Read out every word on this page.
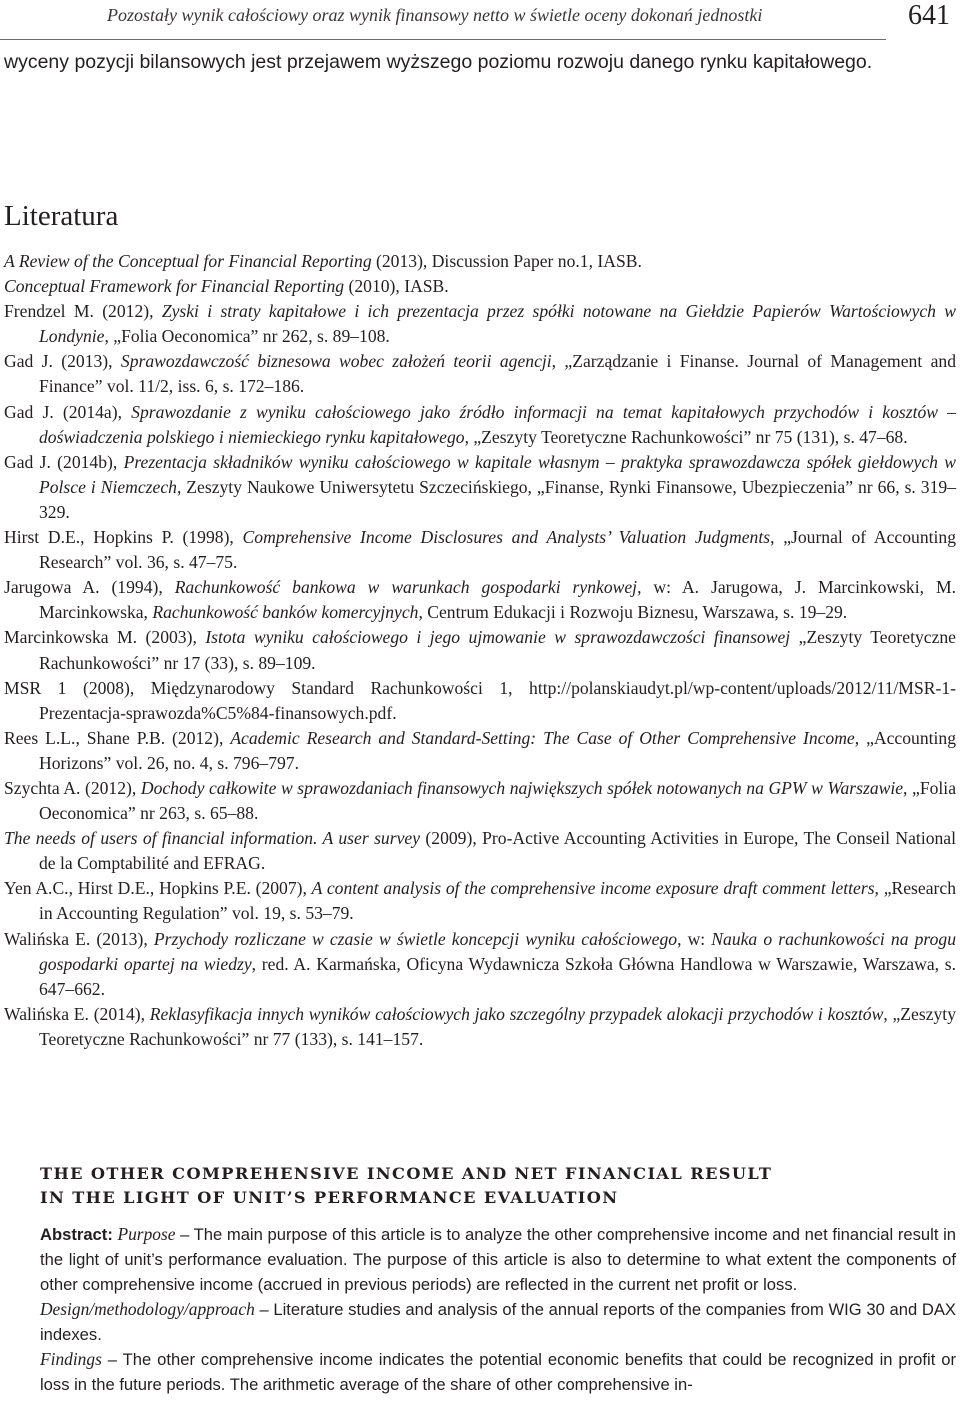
Pozostały wynik całościowy oraz wynik finansowy netto w świetle oceny dokonań jednostki	641

wyceny pozycji bilansowych jest przejawem wyższego poziomu rozwoju danego rynku kapitałowego.

Literatura

A Review of the Conceptual for Financial Reporting (2013), Discussion Paper no.1, IASB.

Conceptual Framework for Financial Reporting (2010), IASB.

Frendzel M. (2012), Zyski i straty kapitałowe i ich prezentacja przez spółki notowane na Giełdzie Papierów Wartościowych w Londynie, „Folia Oeconomica” nr 262, s. 89–108.

Gad J. (2013), Sprawozdawczość biznesowa wobec założeń teorii agencji, „Zarządzanie i Finanse. Journal of Management and Finance” vol. 11/2, iss. 6, s. 172–186.

Gad J. (2014a), Sprawozdanie z wyniku całościowego jako źródło informacji na temat kapitałowych przychodów i kosztów – doświadczenia polskiego i niemieckiego rynku kapitałowego, „Zeszyty Teoretyczne Rachunkowości” nr 75 (131), s. 47–68.

Gad J. (2014b), Prezentacja składników wyniku całościowego w kapitale własnym – praktyka sprawozdawcza spółek giełdowych w Polsce i Niemczech, Zeszyty Naukowe Uniwersytetu Szczecińskiego, „Finanse, Rynki Finansowe, Ubezpieczenia” nr 66, s. 319–329.

Hirst D.E., Hopkins P. (1998), Comprehensive Income Disclosures and Analysts’ Valuation Judgments, „Journal of Accounting Research” vol. 36, s. 47–75.

Jarugowa A. (1994), Rachunkowość bankowa w warunkach gospodarki rynkowej, w: A. Jarugowa, J. Marcinkowski, M. Marcinkowska, Rachunkowość banków komercyjnych, Centrum Edukacji i Rozwoju Biznesu, Warszawa, s. 19–29.

Marcinkowska M. (2003), Istota wyniku całościowego i jego ujmowanie w sprawozdawczości finansowej „Zeszyty Teoretyczne Rachunkowości” nr 17 (33), s. 89–109.

MSR 1 (2008), Międzynarodowy Standard Rachunkowości 1, http://polanskiaudyt.pl/wp-content/uploads/2012/11/MSR-1-Prezentacja-sprawozda%C5%84-finansowych.pdf.

Rees L.L., Shane P.B. (2012), Academic Research and Standard-Setting: The Case of Other Comprehensive Income, „Accounting Horizons” vol. 26, no. 4, s. 796–797.

Szychta A. (2012), Dochody całkowite w sprawozdaniach finansowych największych spółek notowanych na GPW w Warszawie, „Folia Oeconomica” nr 263, s. 65–88.

The needs of users of financial information. A user survey (2009), Pro-Active Accounting Activities in Europe, The Conseil National de la Comptabilité and EFRAG.

Yen A.C., Hirst D.E., Hopkins P.E. (2007), A content analysis of the comprehensive income exposure draft comment letters, „Research in Accounting Regulation” vol. 19, s. 53–79.

Walińska E. (2013), Przychody rozliczane w czasie w świetle koncepcji wyniku całościowego, w: Nauka o rachunkowości na progu gospodarki opartej na wiedzy, red. A. Karmańska, Oficyna Wydawnicza Szkoła Główna Handlowa w Warszawie, Warszawa, s. 647–662.

Walińska E. (2014), Reklasyfikacja innych wyników całościowych jako szczególny przypadek alokacji przychodów i kosztów, „Zeszyty Teoretyczne Rachunkowości” nr 77 (133), s. 141–157.

THE OTHER COMPREHENSIVE INCOME AND NET FINANCIAL RESULT
IN THE LIGHT OF UNIT’S PERFORMANCE EVALUATION

Abstract: Purpose – The main purpose of this article is to analyze the other comprehensive income and net financial result in the light of unit’s performance evaluation. The purpose of this article is also to determine to what extent the components of other comprehensive income (accrued in previous periods) are reflected in the current net profit or loss.

Design/methodology/approach – Literature studies and analysis of the annual reports of the companies from WIG 30 and DAX indexes.

Findings – The other comprehensive income indicates the potential economic benefits that could be recognized in profit or loss in the future periods. The arithmetic average of the share of other comprehensive in-
